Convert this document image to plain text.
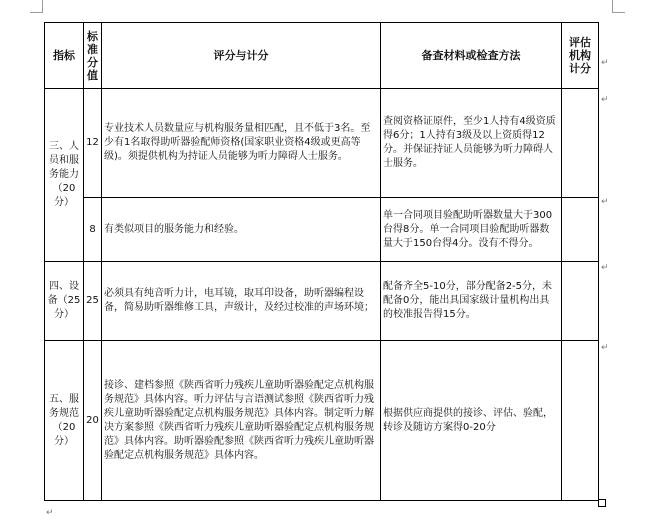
指标	标准分值	评分与计分	备查材料或检查方法	评估机构计分
三、人员和服务能力（20分）	12	专业技术人员数量应与机构服务量相匹配，且不低于3名。至少有1名取得助听器验配师资格(国家职业资格4级或更高等级)。须提供机构为持证人员能够为听力障碍人士服务。	查阅资格证原件，至少1人持有4级资质得6分；1人持有3级及以上资质得12分。并保证持证人员能够为听力障碍人士服务。	
	8	有类似项目的服务能力和经验。	单一合同项目验配助听器数量大于300台得8分。单一合同项目验配助听器数量大于150台得4分。没有不得分。	
四、设备（25分）	25	必须具有纯音听力计，电耳镜，取耳印设备，助听器编程设备，简易助听器维修工具，声级计，及经过校准的声场环境；	配备齐全5-10分，部分配备2-5分，未配备0分，能出具国家级计量机构出具的校准报告得15分。	
五、服务规范（20分）	20	接诊、建档参照《陕西省听力残疾儿童助听器验配定点机构服务规范》具体内容。听力评估与言语测试参照《陕西省听力残疾儿童助听器验配定点机构服务规范》具体内容。制定听力解决方案参照《陕西省听力残疾儿童助听器验配定点机构服务规范》具体内容。助听器验配参照《陕西省听力残疾儿童助听器验配定点机构服务规范》具体内容。	根据供应商提供的接诊、评估、验配，转诊及随访方案得0-20分	
↵
↵
↵
↵
↵
↵
